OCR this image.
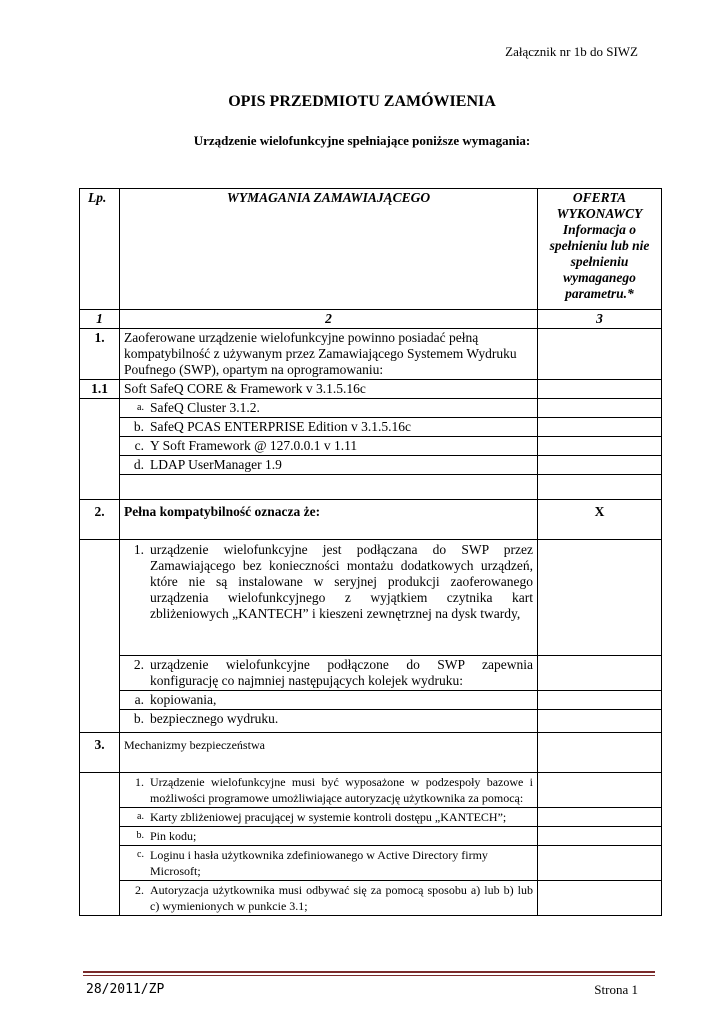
Załącznik nr 1b do SIWZ
OPIS PRZEDMIOTU ZAMÓWIENIA
Urządzenie wielofunkcyjne spełniające poniższe wymagania:
Lp.	WYMAGANIA ZAMAWIAJĄCEGO	OFERTA WYKONAWCY Informacja o spełnieniu lub nie spełnieniu wymaganego parametru.*
1	2	3
1.	Zaoferowane urządzenie wielofunkcyjne powinno posiadać pełną kompatybilność z używanym przez Zamawiającego Systemem Wydruku Poufnego (SWP), opartym na oprogramowaniu:	
1.1	Soft SafeQ CORE & Framework v 3.1.5.16c	

	a. SafeQ Cluster 3.1.2.	

	b. SafeQ PCAS ENTERPRISE Edition v 3.1.5.16c	

	c. Y Soft Framework @ 127.0.0.1 v 1.11	

	d. LDAP UserManager 1.9	

2.	Pełna kompatybilność oznacza że:	X

	1. urządzenie wielofunkcyjne jest podłączana do SWP przez Zamawiającego bez konieczności montażu dodatkowych urządzeń, które nie są instalowane w seryjnej produkcji zaoferowanego urządzenia wielofunkcyjnego z wyjątkiem czytnika kart zbliżeniowych „KANTECH” i kieszeni zewnętrznej na dysk twardy,	

	2. urządzenie wielofunkcyjne podłączone do SWP zapewnia konfigurację co najmniej następujących kolejek wydruku:	

	a. kopiowania,	

	b. bezpiecznego wydruku.	

3.	Mechanizmy bezpieczeństwa	

	1. Urządzenie wielofunkcyjne musi być wyposażone w podzespoły bazowe i możliwości programowe umożliwiające autoryzację użytkownika za pomocą:	

	a. Karty zbliżeniowej pracującej w systemie kontroli dostępu „KANTECH”;	

	b. Pin kodu;	

	c. Loginu i hasła użytkownika zdefiniowanego w Active Directory firmy Microsoft;	

	2. Autoryzacja użytkownika musi odbywać się za pomocą sposobu a) lub b) lub c) wymienionych w punkcie 3.1;	

28/2011/ZP	Strona 1
